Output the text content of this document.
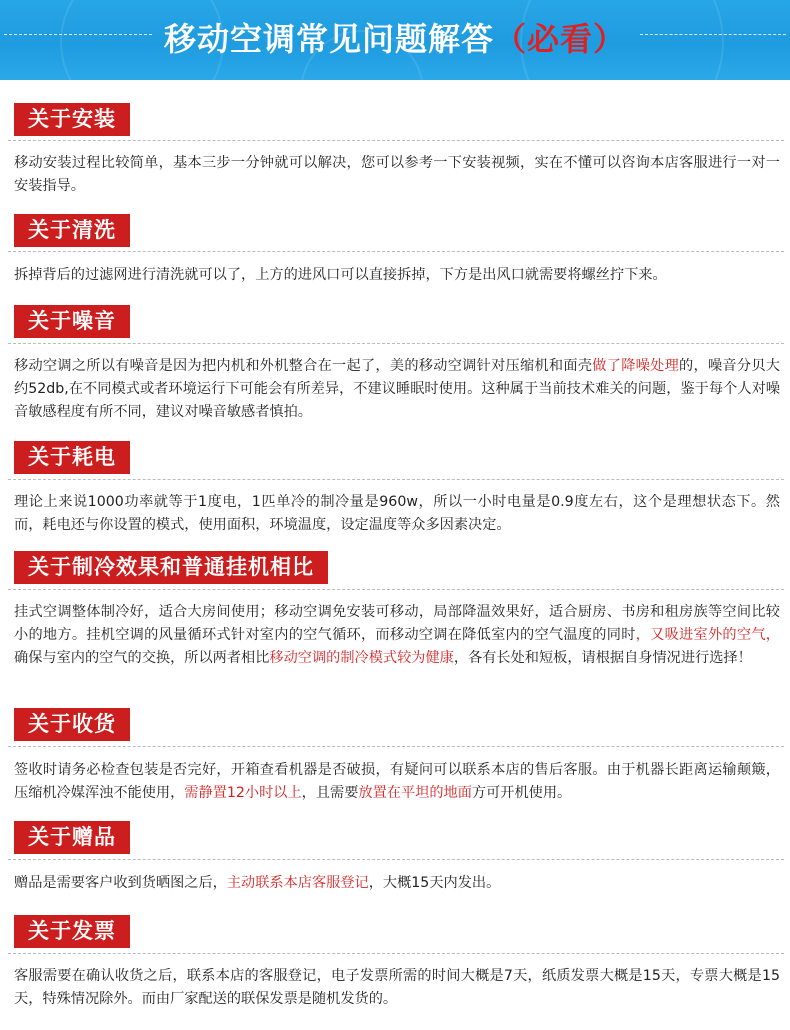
移动空调常见问题解答（必看）
关于安装
移动安装过程比较简单，基本三步一分钟就可以解决，您可以参考一下安装视频，实在不懂可以咨询本店客服进行一对一安装指导。
关于清洗
拆掉背后的过滤网进行清洗就可以了，上方的进风口可以直接拆掉，下方是出风口就需要将螺丝拧下来。
关于噪音
移动空调之所以有噪音是因为把内机和外机整合在一起了，美的移动空调针对压缩机和面壳做了降噪处理的，噪音分贝大约52db,在不同模式或者环境运行下可能会有所差异，不建议睡眠时使用。这种属于当前技术难关的问题，鉴于每个人对噪音敏感程度有所不同，建议对噪音敏感者慎拍。
关于耗电
理论上来说1000功率就等于1度电，1匹单冷的制冷量是960w，所以一小时电量是0.9度左右，这个是理想状态下。然而，耗电还与你设置的模式，使用面积，环境温度，设定温度等众多因素决定。
关于制冷效果和普通挂机相比
挂式空调整体制冷好，适合大房间使用；移动空调免安装可移动，局部降温效果好，适合厨房、书房和租房族等空间比较小的地方。挂机空调的风量循环式针对室内的空气循环，而移动空调在降低室内的空气温度的同时，又吸进室外的空气，确保与室内的空气的交换，所以两者相比移动空调的制冷模式较为健康，各有长处和短板，请根据自身情况进行选择！
关于收货
签收时请务必检查包装是否完好，开箱查看机器是否破损，有疑问可以联系本店的售后客服。由于机器长距离运输颠簸，压缩机冷媒浑浊不能使用，需静置12小时以上，且需要放置在平坦的地面方可开机使用。
关于赠品
赠品是需要客户收到货晒图之后，主动联系本店客服登记，大概15天内发出。
关于发票
客服需要在确认收货之后，联系本店的客服登记，电子发票所需的时间大概是7天，纸质发票大概是15天，专票大概是15天，特殊情况除外。而由厂家配送的联保发票是随机发货的。
